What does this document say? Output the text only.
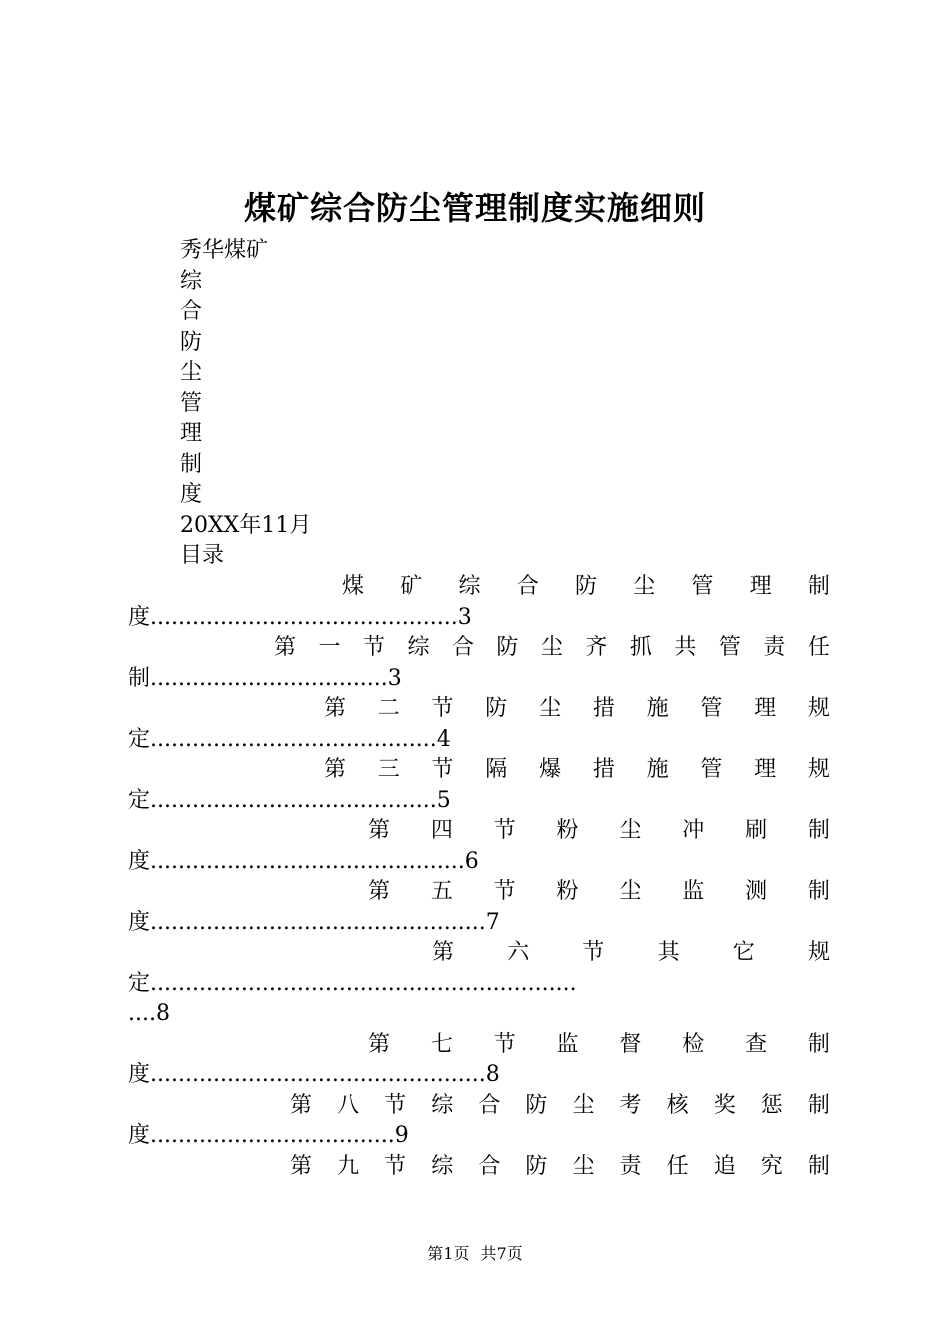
煤矿综合防尘管理制度实施细则
秀华煤矿
综
合
防
尘
管
理
制
度
20XX年11月
目录
煤 矿 综 合 防 尘 管 理 制
度............................................3
第 一 节 综 合 防 尘 齐 抓 共 管 责 任
制..................................3
第 二 节 防 尘 措 施 管 理 规
定.........................................4
第 三 节 隔 爆 措 施 管 理 规
定.........................................5
第 四 节 粉 尘 冲 刷 制
度.............................................6
第 五 节 粉 尘 监 测 制
度................................................7
第 六 节 其 它 规
定.............................................................
....8
第 七 节 监 督 检 查 制
度................................................8
第 八 节 综 合 防 尘 考 核 奖 惩 制
度...................................9
第 九 节 综 合 防 尘 责 任 追 究 制
第1页 共7页
